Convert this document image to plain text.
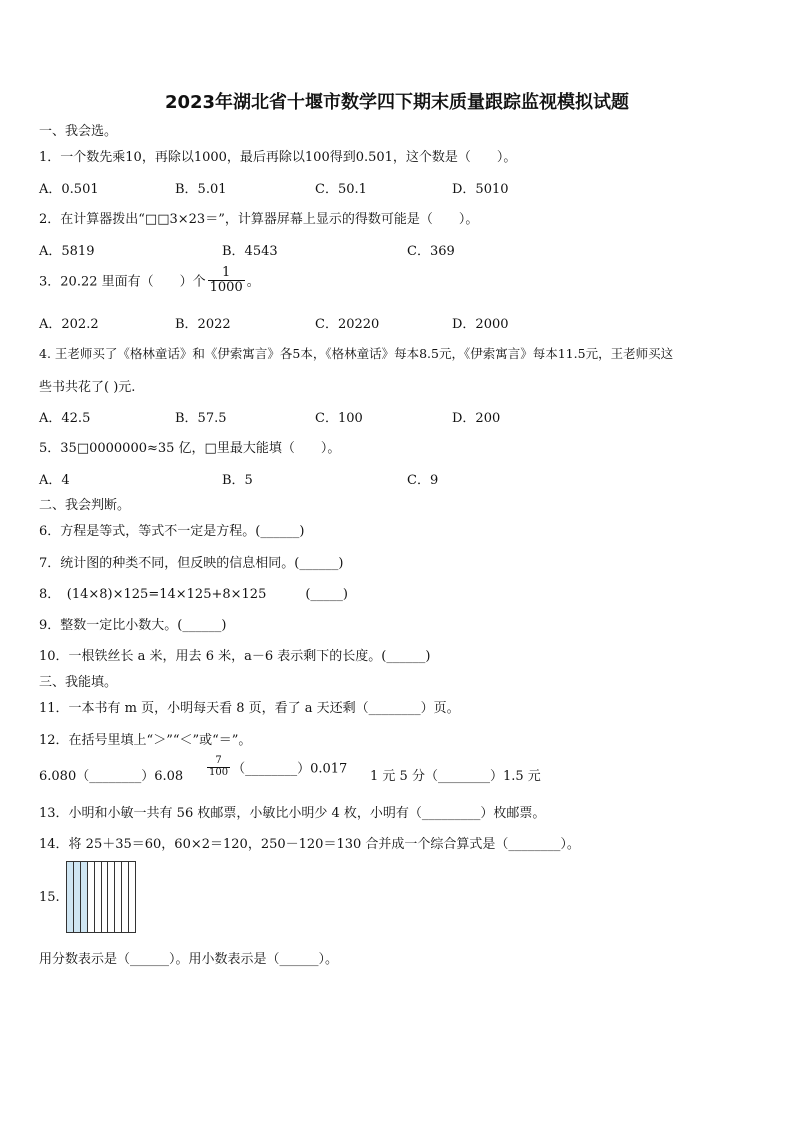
2023年湖北省十堰市数学四下期末质量跟踪监视模拟试题
一、我会选。
1．一个数先乘10，再除以1000，最后再除以100得到0.501，这个数是（　　）。
A．0.501	B．5.01	C．50.1	D．5010
2．在计算器拨出“□□3×23＝”，计算器屏幕上显示的得数可能是（　　）。
A．5819	B．4543	C．369
3．20.22 里面有（　　）个 $\frac{1}{1000}$ 。
A．202.2	B．2022	C．20220	D．2000
4. 王老师买了《格林童话》和《伊索寓言》各5本，《格林童话》每本8.5元，《伊索寓言》每本11.5元，王老师买这
些书共花了( )元.
A．42.5	B．57.5	C．100	D．200
5．35□0000000≈35 亿，□里最大能填（　　）。
A．4	B．5	C．9
二、我会判断。
6．方程是等式，等式不一定是方程。(______)
7．统计图的种类不同，但反映的信息相同。(______)
8．　(14×8)×125=14×125+8×125　　　(_____)
9．整数一定比小数大。(______)
10．一根铁丝长 a 米，用去 6 米，a－6 表示剩下的长度。(______)
三、我能填。
11．一本书有 m 页，小明每天看 8 页，看了 a 天还剩（________）页。
12．在括号里填上“＞”“＜”或“＝”。
6.080（________）6.08 $\frac{7}{100}$ （________）0.017 1 元 5 分（________）1.5 元
13．小明和小敏一共有 56 枚邮票，小敏比小明少 4 枚，小明有（_________）枚邮票。
14．将 25＋35＝60，60×2＝120，250－120＝130 合并成一个综合算式是（________）。
15.
用分数表示是（______）。用小数表示是（______）。
